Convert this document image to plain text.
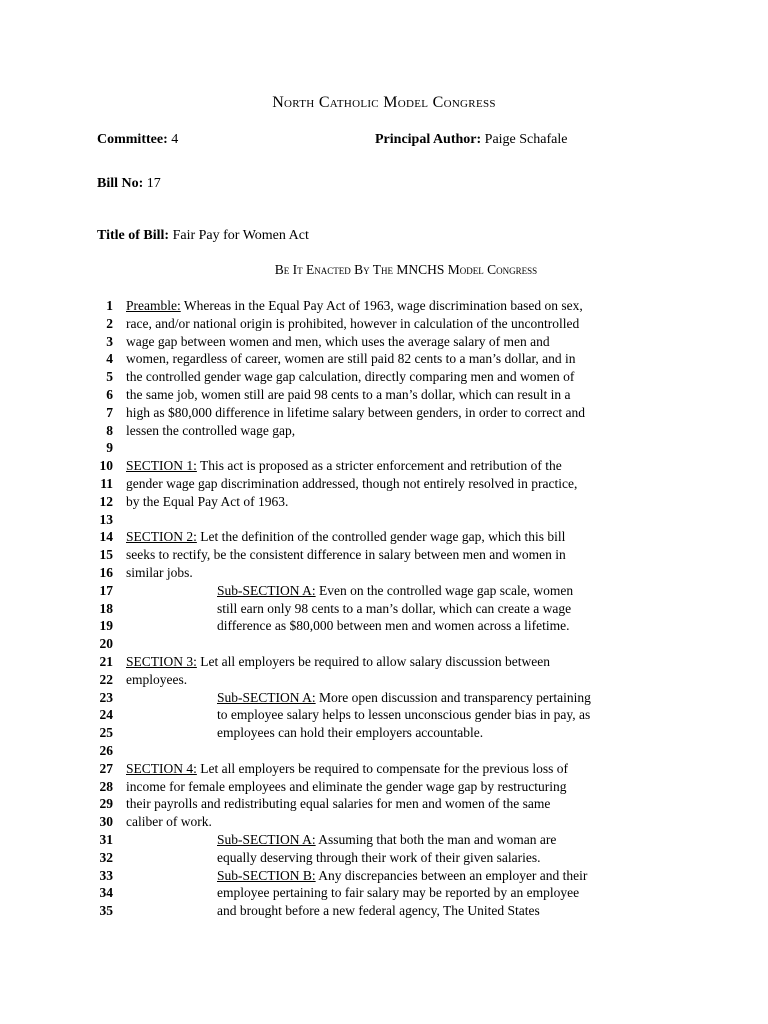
North Catholic Model Congress
Committee: 4	Principal Author: Paige Schafale
Bill No: 17
Title of Bill: Fair Pay for Women Act
Be It Enacted By The MNCHS Model Congress
1 Preamble: Whereas in the Equal Pay Act of 1963, wage discrimination based on sex,
2 race, and/or national origin is prohibited, however in calculation of the uncontrolled
3 wage gap between women and men, which uses the average salary of men and
4 women, regardless of career, women are still paid 82 cents to a man’s dollar, and in
5 the controlled gender wage gap calculation, directly comparing men and women of
6 the same job, women still are paid 98 cents to a man’s dollar, which can result in a
7 high as $80,000 difference in lifetime salary between genders, in order to correct and
8 lessen the controlled wage gap,
9
10 SECTION 1: This act is proposed as a stricter enforcement and retribution of the
11 gender wage gap discrimination addressed, though not entirely resolved in practice,
12 by the Equal Pay Act of 1963.
13
14 SECTION 2: Let the definition of the controlled gender wage gap, which this bill
15 seeks to rectify, be the consistent difference in salary between men and women in
16 similar jobs.
17	Sub-SECTION A: Even on the controlled wage gap scale, women
18	still earn only 98 cents to a man’s dollar, which can create a wage
19	difference as $80,000 between men and women across a lifetime.
20
21 SECTION 3: Let all employers be required to allow salary discussion between
22 employees.
23	Sub-SECTION A: More open discussion and transparency pertaining
24	to employee salary helps to lessen unconscious gender bias in pay, as
25	employees can hold their employers accountable.
26
27 SECTION 4: Let all employers be required to compensate for the previous loss of
28 income for female employees and eliminate the gender wage gap by restructuring
29 their payrolls and redistributing equal salaries for men and women of the same
30 caliber of work.
31	Sub-SECTION A: Assuming that both the man and woman are
32	equally deserving through their work of their given salaries.
33	Sub-SECTION B: Any discrepancies between an employer and their
34	employee pertaining to fair salary may be reported by an employee
35	and brought before a new federal agency, The United States
